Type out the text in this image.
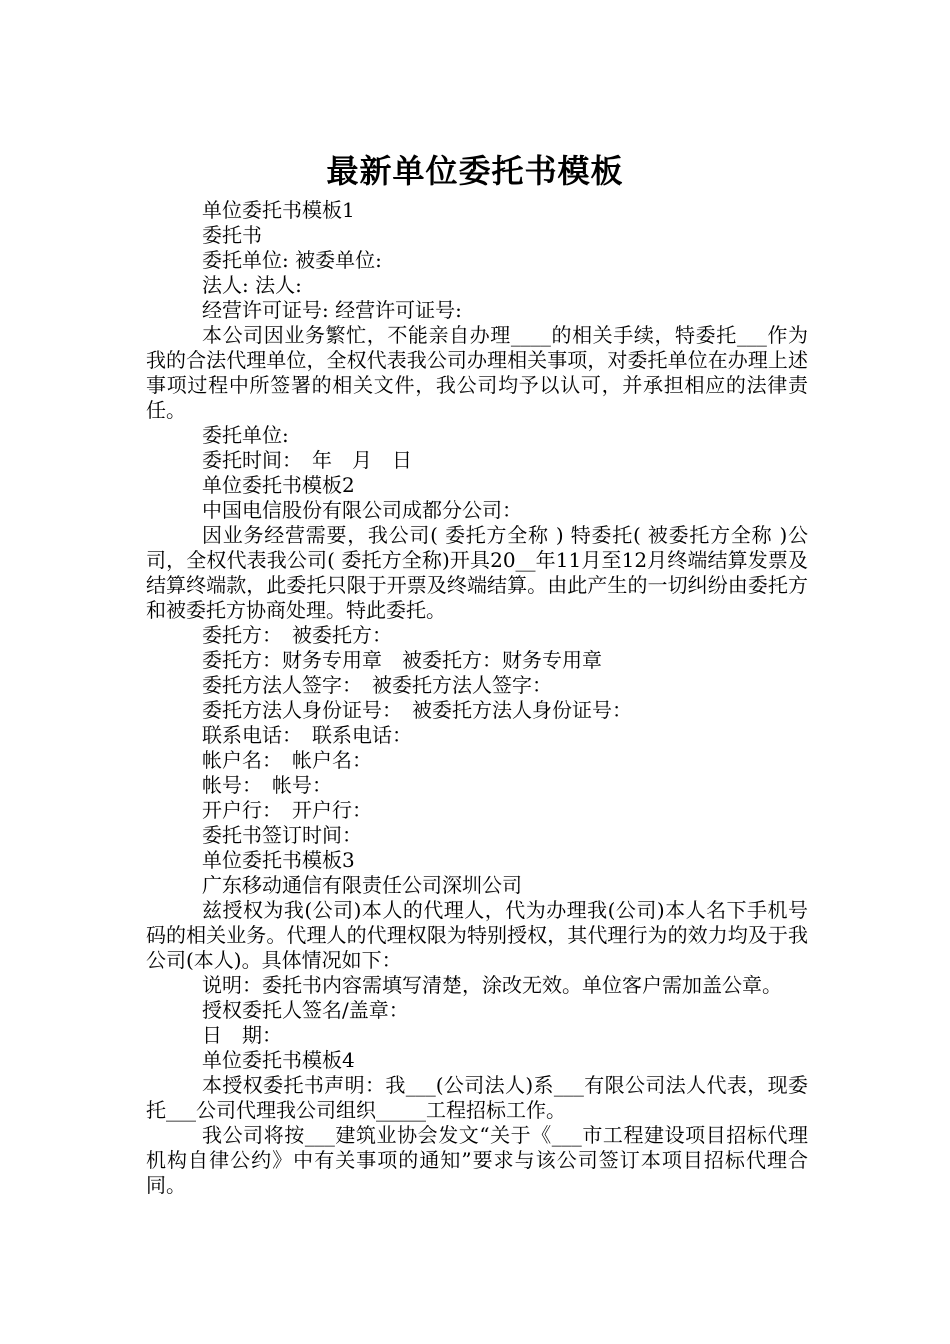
最新单位委托书模板

单位委托书模板1

委托书

委托单位: 被委单位:

法人: 法人:

经营许可证号: 经营许可证号:

本公司因业务繁忙，不能亲自办理____的相关手续，特委托___作为我的合法代理单位，全权代表我公司办理相关事项，对委托单位在办理上述事项过程中所签署的相关文件，我公司均予以认可，并承担相应的法律责任。

委托单位:

委托时间：　年　月　日

单位委托书模板2

中国电信股份有限公司成都分公司：

因业务经营需要，我公司( 委托方全称 ) 特委托( 被委托方全称 )公司，全权代表我公司( 委托方全称)开具20__年11月至12月终端结算发票及结算终端款，此委托只限于开票及终端结算。由此产生的一切纠纷由委托方和被委托方协商处理。特此委托。

委托方：　被委托方：

委托方：财务专用章　被委托方：财务专用章

委托方法人签字：　被委托方法人签字：

委托方法人身份证号：　被委托方法人身份证号：

联系电话：　联系电话：

帐户名：　帐户名：

帐号：　帐号：

开户行：　开户行：

委托书签订时间：

单位委托书模板3

广东移动通信有限责任公司深圳公司

兹授权为我(公司)本人的代理人，代为办理我(公司)本人名下手机号码的相关业务。代理人的代理权限为特别授权，其代理行为的效力均及于我公司(本人)。具体情况如下：

说明：委托书内容需填写清楚，涂改无效。单位客户需加盖公章。

授权委托人签名/盖章：

日　期：

单位委托书模板4

本授权委托书声明：我___(公司法人)系___有限公司法人代表，现委托___公司代理我公司组织_____工程招标工作。

我公司将按___建筑业协会发文“关于《___市工程建设项目招标代理机构自律公约》中有关事项的通知”要求与该公司签订本项目招标代理合同。
